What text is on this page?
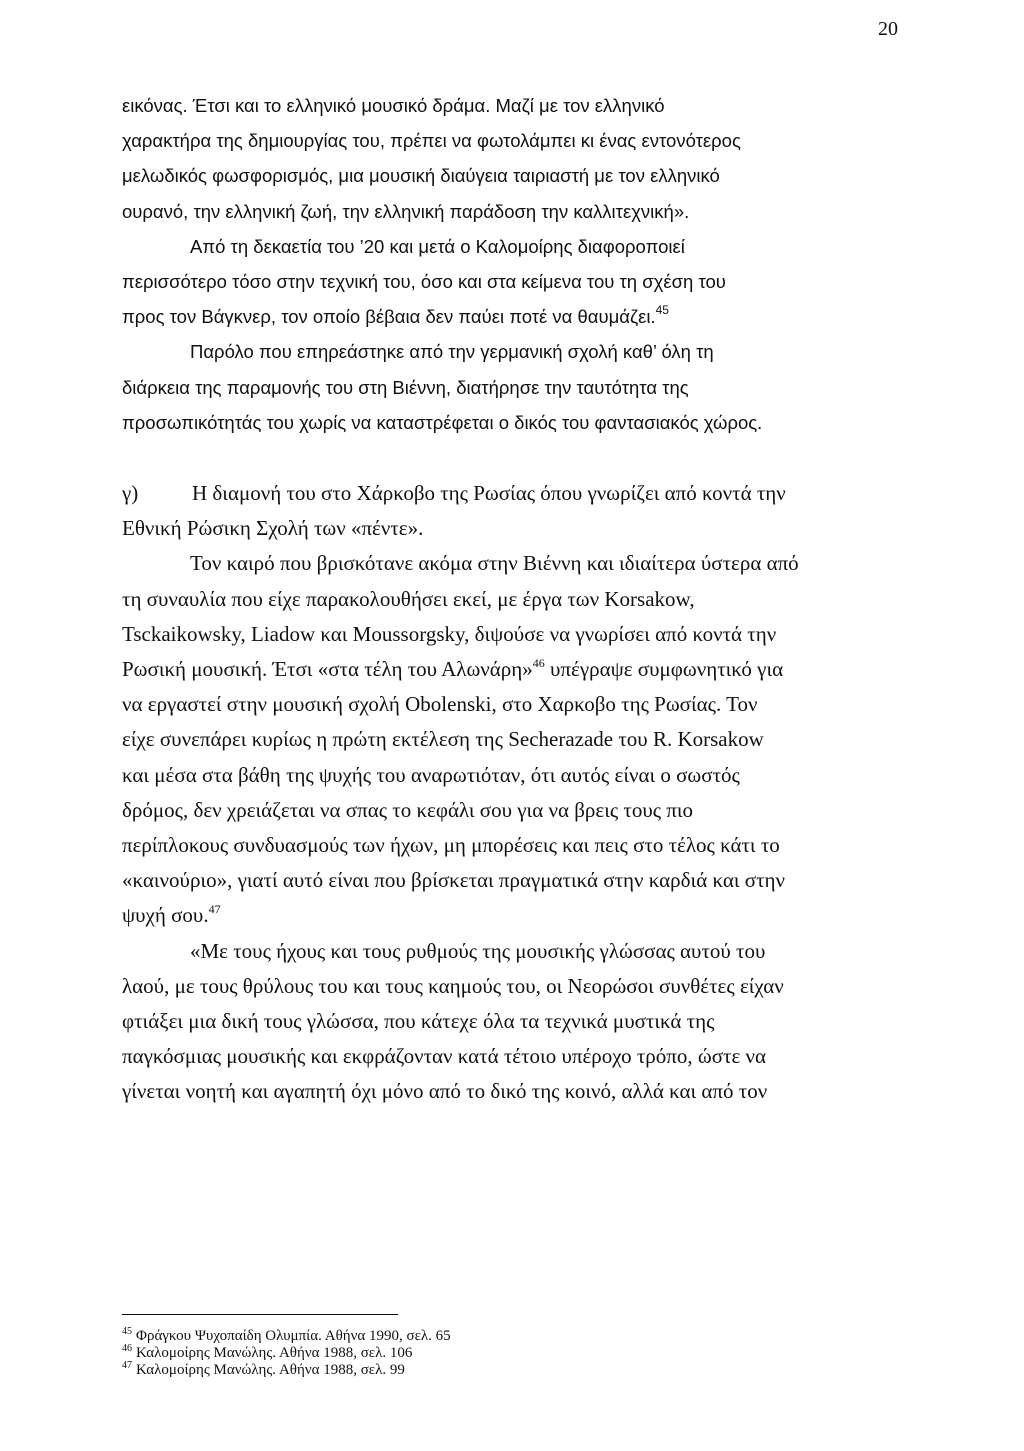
20
εικόνας. Έτσι και το ελληνικό μουσικό δράμα. Μαζί με τον ελληνικό
χαρακτήρα της δημιουργίας του, πρέπει να φωτολάμπει κι ένας εντονότερος
μελωδικός φωσφορισμός, μια μουσική διαύγεια ταιριαστή με τον ελληνικό
ουρανό, την ελληνική ζωή, την ελληνική παράδοση την καλλιτεχνική».
Από τη δεκαετία του ’20 και μετά ο Καλομοίρης διαφοροποιεί
περισσότερο τόσο στην τεχνική του, όσο και στα κείμενα του τη σχέση του
προς τον Βάγκνερ, τον οποίο βέβαια δεν παύει ποτέ να θαυμάζει.$^{45}$
Παρόλο που επηρεάστηκε από την γερμανική σχολή καθ’ όλη τη
διάρκεια της παραμονής του στη Βιέννη, διατήρησε την ταυτότητα της
προσωπικότητάς του χωρίς να καταστρέφεται ο δικός του φαντασιακός χώρος.
γ)	Η διαμονή του στο Χάρκοβο της Ρωσίας όπου γνωρίζει από κοντά την
Εθνική Ρώσικη Σχολή των «πέντε».
Τον καιρό που βρισκότανε ακόμα στην Βιέννη και ιδιαίτερα ύστερα από
τη συναυλία που είχε παρακολουθήσει εκεί, με έργα των Korsakow,
Tsckaikowsky, Liadow και Moussorgsky, διψούσε να γνωρίσει από κοντά την
Ρωσική μουσική. Έτσι «στα τέλη του Αλωνάρη»$^{46}$ υπέγραψε συμφωνητικό για
να εργαστεί στην μουσική σχολή Obolenski, στο Χαρκοβο της Ρωσίας. Τον
είχε συνεπάρει κυρίως η πρώτη εκτέλεση της Secherazade του R. Korsakow
και μέσα στα βάθη της ψυχής του αναρωτιόταν, ότι αυτός είναι ο σωστός
δρόμος, δεν χρειάζεται να σπας το κεφάλι σου για να βρεις τους πιο
περίπλοκους συνδυασμούς των ήχων, μη μπορέσεις και πεις στο τέλος κάτι το
«καινούριο», γιατί αυτό είναι που βρίσκεται πραγματικά στην καρδιά και στην
ψυχή σου.$^{47}$
«Με τους ήχους και τους ρυθμούς της μουσικής γλώσσας αυτού του
λαού, με τους θρύλους του και τους καημούς του, οι Νεορώσοι συνθέτες είχαν
φτιάξει μια δική τους γλώσσα, που κάτεχε όλα τα τεχνικά μυστικά της
παγκόσμιας μουσικής και εκφράζονταν κατά τέτοιο υπέροχο τρόπο, ώστε να
γίνεται νοητή και αγαπητή όχι μόνο από το δικό της κοινό, αλλά και από τον
$^{45}$ Φράγκου Ψυχοπαίδη Ολυμπία. Αθήνα 1990, σελ. 65
$^{46}$ Καλομοίρης Μανώλης. Αθήνα 1988, σελ. 106
$^{47}$ Καλομοίρης Μανώλης. Αθήνα 1988, σελ. 99
